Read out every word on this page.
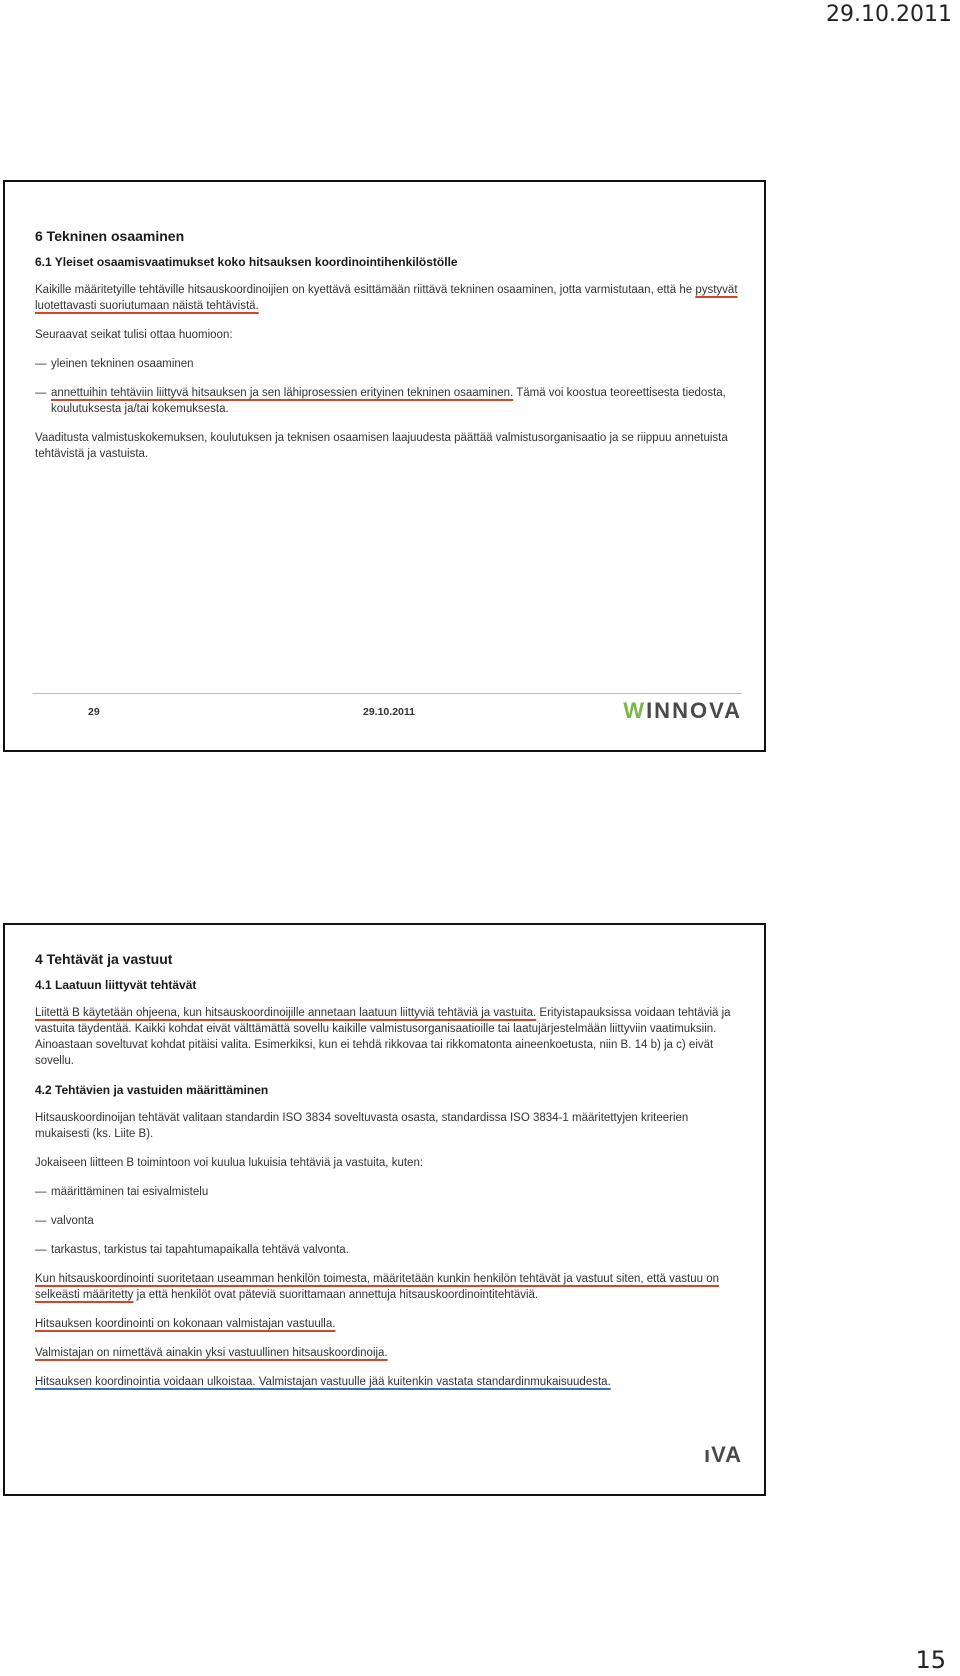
29.10.2011
6 Tekninen osaaminen
6.1 Yleiset osaamisvaatimukset koko hitsauksen koordinointihenkilöstölle
Kaikille määritetyille tehtäville hitsauskoordinoijien on kyettävä esittämään riittävä tekninen osaaminen, jotta varmistutaan, että he pystyvät luotettavasti suoriutumaan näistä tehtävistä.
Seuraavat seikat tulisi ottaa huomioon:
— yleinen tekninen osaaminen
— annettuihin tehtäviin liittyvä hitsauksen ja sen lähiprosessien erityinen tekninen osaaminen. Tämä voi koostua teoreettisesta tiedosta, koulutuksesta ja/tai kokemuksesta.
Vaaditusta valmistuskokemuksen, koulutuksen ja teknisen osaamisen laajuudesta päättää valmistusorganisaatio ja se riippuu annetuista tehtävistä ja vastuista.
29	29.10.2011	WINNOVA
4 Tehtävät ja vastuut
4.1 Laatuun liittyvät tehtävät
Liitettä B käytetään ohjeena, kun hitsauskoordinoijille annetaan laatuun liittyviä tehtäviä ja vastuita. Erityistapauksissa voidaan tehtäviä ja vastuita täydentää. Kaikki kohdat eivät välttämättä sovellu kaikille valmistusorganisaatioille tai laatujärjestelmään liittyviin vaatimuksiin. Ainoastaan soveltuvat kohdat pitäisi valita. Esimerkiksi, kun ei tehdä rikkovaa tai rikkomatonta aineenkoetusta, niin B. 14 b) ja c) eivät sovellu.
4.2 Tehtävien ja vastuiden määrittäminen
Hitsauskoordinoijan tehtävät valitaan standardin ISO 3834 soveltuvasta osasta, standardissa ISO 3834-1 määritettyjen kriteerien mukaisesti (ks. Liite B).
Jokaiseen liitteen B toimintoon voi kuulua lukuisia tehtäviä ja vastuita, kuten:
— määrittäminen tai esivalmistelu
— valvonta
— tarkastus, tarkistus tai tapahtumapaikalla tehtävä valvonta.
Kun hitsauskoordinointi suoritetaan useamman henkilön toimesta, määritetään kunkin henkilön tehtävät ja vastuut siten, että vastuu on selkeästi määritetty ja että henkilöt ovat päteviä suorittamaan annettuja hitsauskoordinointitehtäviä.
Hitsauksen koordinointi on kokonaan valmistajan vastuulla.
Valmistajan on nimettävä ainakin yksi vastuullinen hitsauskoordinoija.
Hitsauksen koordinointia voidaan ulkoistaa. Valmistajan vastuulle jää kuitenkin vastata standardinmukaisuudesta.
ıVA
15
